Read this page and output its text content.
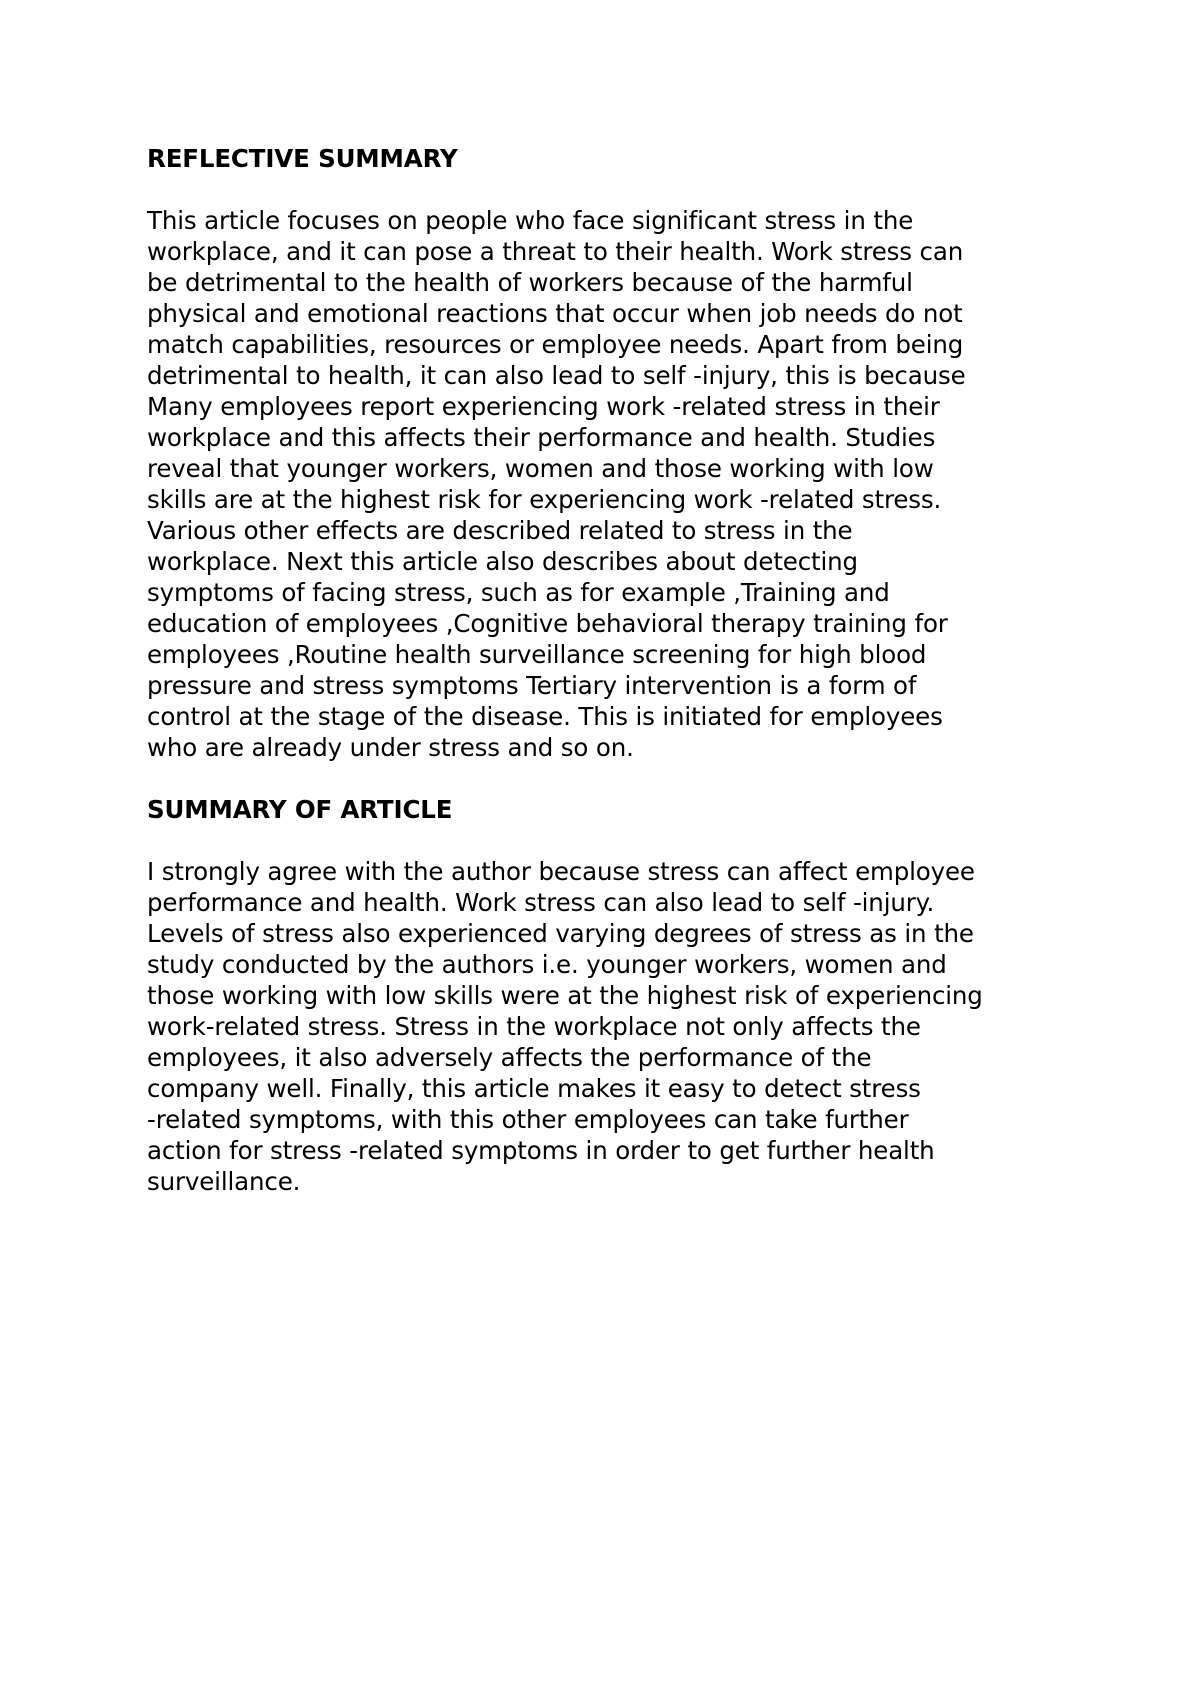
REFLECTIVE SUMMARY
This article focuses on people who face significant stress in the
workplace, and it can pose a threat to their health. Work stress can
be detrimental to the health of workers because of the harmful
physical and emotional reactions that occur when job needs do not
match capabilities, resources or employee needs. Apart from being
detrimental to health, it can also lead to self -injury, this is because
Many employees report experiencing work -related stress in their
workplace and this affects their performance and health. Studies
reveal that younger workers, women and those working with low
skills are at the highest risk for experiencing work -related stress.
Various other effects are described related to stress in the
workplace. Next this article also describes about detecting
symptoms of facing stress, such as for example ,Training and
education of employees ,Cognitive behavioral therapy training for
employees ,Routine health surveillance screening for high blood
pressure and stress symptoms Tertiary intervention is a form of
control at the stage of the disease. This is initiated for employees
who are already under stress and so on.
SUMMARY OF ARTICLE
I strongly agree with the author because stress can affect employee
performance and health. Work stress can also lead to self -injury.
Levels of stress also experienced varying degrees of stress as in the
study conducted by the authors i.e. younger workers, women and
those working with low skills were at the highest risk of experiencing
work-related stress. Stress in the workplace not only affects the
employees, it also adversely affects the performance of the
company well. Finally, this article makes it easy to detect stress
-related symptoms, with this other employees can take further
action for stress -related symptoms in order to get further health
surveillance.
